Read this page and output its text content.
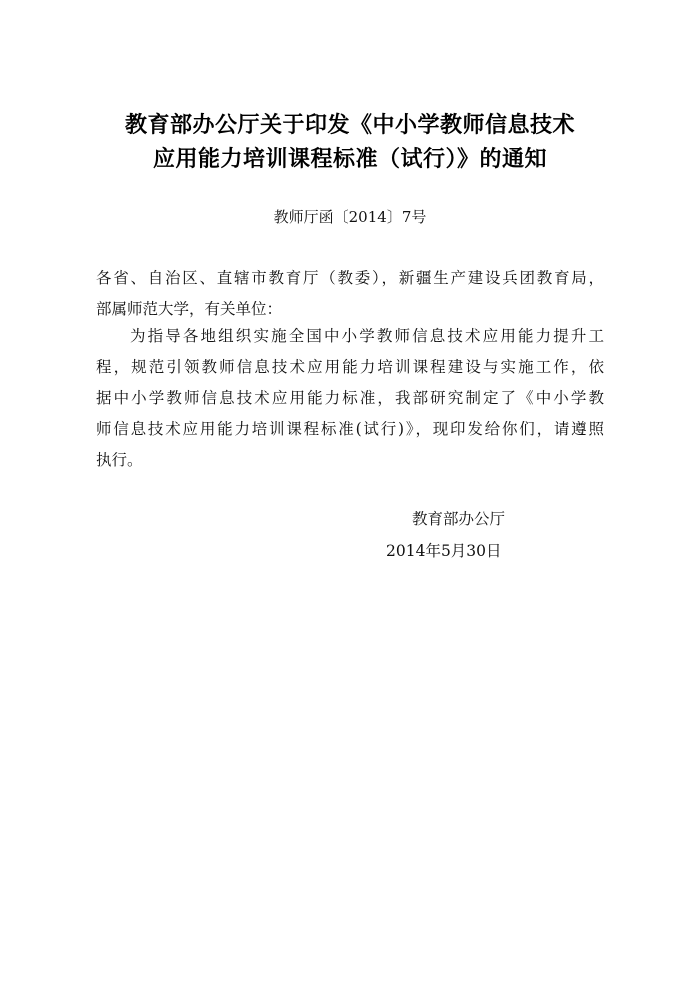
教育部办公厅关于印发《中小学教师信息技术
应用能力培训课程标准（试行）》的通知
教师厅函〔2014〕7号
各省、自治区、直辖市教育厅（教委），新疆生产建设兵团教育局，
部属师范大学，有关单位：
为指导各地组织实施全国中小学教师信息技术应用能力提升工
程，规范引领教师信息技术应用能力培训课程建设与实施工作，依
据中小学教师信息技术应用能力标准，我部研究制定了《中小学教
师信息技术应用能力培训课程标准(试行)》，现印发给你们，请遵照
执行。
教育部办公厅
2014年5月30日
